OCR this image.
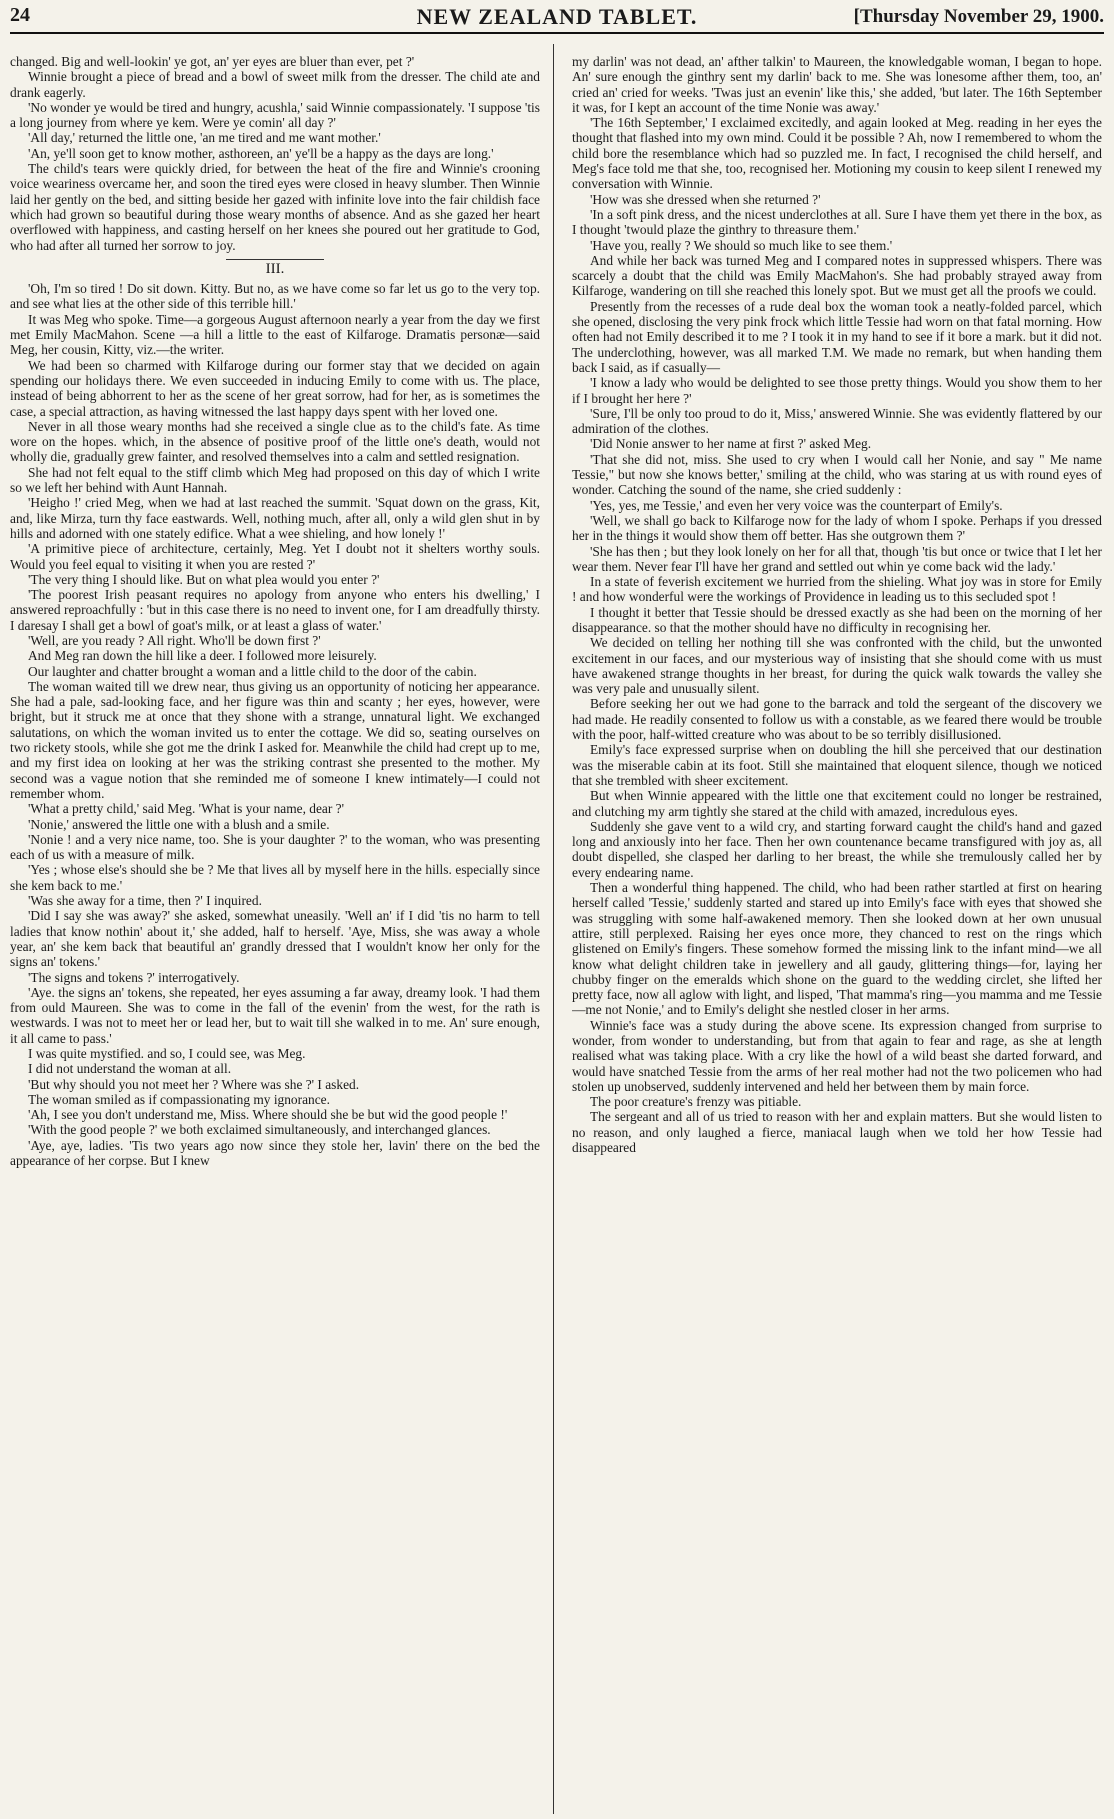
24	NEW ZEALAND TABLET.	[Thursday November 29, 1900.

changed. Big and well-lookin' ye got, an' yer eyes are bluer than ever, pet ?'

Winnie brought a piece of bread and a bowl of sweet milk from the dresser. The child ate and drank eagerly.

'No wonder ye would be tired and hungry, acushla,' said Winnie compassionately. 'I suppose 'tis a long journey from where ye kem. Were ye comin' all day ?'

'All day,' returned the little one, 'an me tired and me want mother.'

'An, ye'll soon get to know mother, asthoreen, an' ye'll be a happy as the days are long.'

The child's tears were quickly dried, for between the heat of the fire and Winnie's crooning voice weariness overcame her, and soon the tired eyes were closed in heavy slumber. Then Winnie laid her gently on the bed, and sitting beside her gazed with infinite love into the fair childish face which had grown so beautiful during those weary months of absence. And as she gazed her heart overflowed with happiness, and casting herself on her knees she poured out her gratitude to God, who had after all turned her sorrow to joy.

III.

'Oh, I'm so tired ! Do sit down. Kitty. But no, as we have come so far let us go to the very top. and see what lies at the other side of this terrible hill.'

It was Meg who spoke. Time—a gorgeous August afternoon nearly a year from the day we first met Emily MacMahon. Scene —a hill a little to the east of Kilfaroge. Dramatis personæ—said Meg, her cousin, Kitty, viz.—the writer.

We had been so charmed with Kilfaroge during our former stay that we decided on again spending our holidays there. We even succeeded in inducing Emily to come with us. The place, instead of being abhorrent to her as the scene of her great sorrow, had for her, as is sometimes the case, a special attraction, as having witnessed the last happy days spent with her loved one.

Never in all those weary months had she received a single clue as to the child's fate. As time wore on the hopes. which, in the absence of positive proof of the little one's death, would not wholly die, gradually grew fainter, and resolved themselves into a calm and settled resignation.

She had not felt equal to the stiff climb which Meg had proposed on this day of which I write so we left her behind with Aunt Hannah.

'Heigho !' cried Meg, when we had at last reached the summit. 'Squat down on the grass, Kit, and, like Mirza, turn thy face eastwards. Well, nothing much, after all, only a wild glen shut in by hills and adorned with one stately edifice. What a wee shieling, and how lonely !'

'A primitive piece of architecture, certainly, Meg. Yet I doubt not it shelters worthy souls. Would you feel equal to visiting it when you are rested ?'

'The very thing I should like. But on what plea would you enter ?'

'The poorest Irish peasant requires no apology from anyone who enters his dwelling,' I answered reproachfully : 'but in this case there is no need to invent one, for I am dreadfully thirsty. I daresay I shall get a bowl of goat's milk, or at least a glass of water.'

'Well, are you ready ? All right. Who'll be down first ?'

And Meg ran down the hill like a deer. I followed more leisurely.

Our laughter and chatter brought a woman and a little child to the door of the cabin.

The woman waited till we drew near, thus giving us an opportunity of noticing her appearance. She had a pale, sad-looking face, and her figure was thin and scanty ; her eyes, however, were bright, but it struck me at once that they shone with a strange, unnatural light. We exchanged salutations, on which the woman invited us to enter the cottage. We did so, seating ourselves on two rickety stools, while she got me the drink I asked for. Meanwhile the child had crept up to me, and my first idea on looking at her was the striking contrast she presented to the mother. My second was a vague notion that she reminded me of someone I knew intimately—I could not remember whom.

'What a pretty child,' said Meg. 'What is your name, dear ?'

'Nonie,' answered the little one with a blush and a smile.

'Nonie ! and a very nice name, too. She is your daughter ?' to the woman, who was presenting each of us with a measure of milk.

'Yes ; whose else's should she be ? Me that lives all by myself here in the hills. especially since she kem back to me.'

'Was she away for a time, then ?' I inquired.

'Did I say she was away?' she asked, somewhat uneasily. 'Well an' if I did 'tis no harm to tell ladies that know nothin' about it,' she added, half to herself. 'Aye, Miss, she was away a whole year, an' she kem back that beautiful an' grandly dressed that I wouldn't know her only for the signs an' tokens.'

'The signs and tokens ?' interrogatively.

'Aye. the signs an' tokens, she repeated, her eyes assuming a far away, dreamy look. 'I had them from ould Maureen. She was to come in the fall of the evenin' from the west, for the rath is westwards. I was not to meet her or lead her, but to wait till she walked in to me. An' sure enough, it all came to pass.'

I was quite mystified. and so, I could see, was Meg.

I did not understand the woman at all.

'But why should you not meet her ? Where was she ?' I asked.

The woman smiled as if compassionating my ignorance.

'Ah, I see you don't understand me, Miss. Where should she be but wid the good people !'

'With the good people ?' we both exclaimed simultaneously, and interchanged glances.

'Aye, aye, ladies. 'Tis two years ago now since they stole her, lavin' there on the bed the appearance of her corpse. But I knew

my darlin' was not dead, an' afther talkin' to Maureen, the knowledgable woman, I began to hope. An' sure enough the ginthry sent my darlin' back to me. She was lonesome afther them, too, an' cried an' cried for weeks. 'Twas just an evenin' like this,' she added, 'but later. The 16th September it was, for I kept an account of the time Nonie was away.'

'The 16th September,' I exclaimed excitedly, and again looked at Meg. reading in her eyes the thought that flashed into my own mind. Could it be possible ? Ah, now I remembered to whom the child bore the resemblance which had so puzzled me. In fact, I recognised the child herself, and Meg's face told me that she, too, recognised her. Motioning my cousin to keep silent I renewed my conversation with Winnie.

'How was she dressed when she returned ?'

'In a soft pink dress, and the nicest underclothes at all. Sure I have them yet there in the box, as I thought 'twould plaze the ginthry to threasure them.'

'Have you, really ? We should so much like to see them.'

And while her back was turned Meg and I compared notes in suppressed whispers. There was scarcely a doubt that the child was Emily MacMahon's. She had probably strayed away from Kilfaroge, wandering on till she reached this lonely spot. But we must get all the proofs we could.

Presently from the recesses of a rude deal box the woman took a neatly-folded parcel, which she opened, disclosing the very pink frock which little Tessie had worn on that fatal morning. How often had not Emily described it to me ? I took it in my hand to see if it bore a mark. but it did not. The underclothing, however, was all marked T.M. We made no remark, but when handing them back I said, as if casually—

'I know a lady who would be delighted to see those pretty things. Would you show them to her if I brought her here ?'

'Sure, I'll be only too proud to do it, Miss,' answered Winnie. She was evidently flattered by our admiration of the clothes.

'Did Nonie answer to her name at first ?' asked Meg.

'That she did not, miss. She used to cry when I would call her Nonie, and say " Me name Tessie," but now she knows better,' smiling at the child, who was staring at us with round eyes of wonder. Catching the sound of the name, she cried suddenly :

'Yes, yes, me Tessie,' and even her very voice was the counterpart of Emily's.

'Well, we shall go back to Kilfaroge now for the lady of whom I spoke. Perhaps if you dressed her in the things it would show them off better. Has she outgrown them ?'

'She has then ; but they look lonely on her for all that, though 'tis but once or twice that I let her wear them. Never fear I'll have her grand and settled out whin ye come back wid the lady.'

In a state of feverish excitement we hurried from the shieling. What joy was in store for Emily ! and how wonderful were the workings of Providence in leading us to this secluded spot !

I thought it better that Tessie should be dressed exactly as she had been on the morning of her disappearance. so that the mother should have no difficulty in recognising her.

We decided on telling her nothing till she was confronted with the child, but the unwonted excitement in our faces, and our mysterious way of insisting that she should come with us must have awakened strange thoughts in her breast, for during the quick walk towards the valley she was very pale and unusually silent.

Before seeking her out we had gone to the barrack and told the sergeant of the discovery we had made. He readily consented to follow us with a constable, as we feared there would be trouble with the poor, half-witted creature who was about to be so terribly disillusioned.

Emily's face expressed surprise when on doubling the hill she perceived that our destination was the miserable cabin at its foot. Still she maintained that eloquent silence, though we noticed that she trembled with sheer excitement.

But when Winnie appeared with the little one that excitement could no longer be restrained, and clutching my arm tightly she stared at the child with amazed, incredulous eyes.

Suddenly she gave vent to a wild cry, and starting forward caught the child's hand and gazed long and anxiously into her face. Then her own countenance became transfigured with joy as, all doubt dispelled, she clasped her darling to her breast, the while she tremulously called her by every endearing name.

Then a wonderful thing happened. The child, who had been rather startled at first on hearing herself called 'Tessie,' suddenly started and stared up into Emily's face with eyes that showed she was struggling with some half-awakened memory. Then she looked down at her own unusual attire, still perplexed. Raising her eyes once more, they chanced to rest on the rings which glistened on Emily's fingers. These somehow formed the missing link to the infant mind—we all know what delight children take in jewellery and all gaudy, glittering things—for, laying her chubby finger on the emeralds which shone on the guard to the wedding circlet, she lifted her pretty face, now all aglow with light, and lisped, 'That mamma's ring—you mamma and me Tessie —me not Nonie,' and to Emily's delight she nestled closer in her arms.

Winnie's face was a study during the above scene. Its expression changed from surprise to wonder, from wonder to understanding, but from that again to fear and rage, as she at length realised what was taking place. With a cry like the howl of a wild beast she darted forward, and would have snatched Tessie from the arms of her real mother had not the two policemen who had stolen up unobserved, suddenly intervened and held her between them by main force.

The poor creature's frenzy was pitiable.

The sergeant and all of us tried to reason with her and explain matters. But she would listen to no reason, and only laughed a fierce, maniacal laugh when we told her how Tessie had disappeared
